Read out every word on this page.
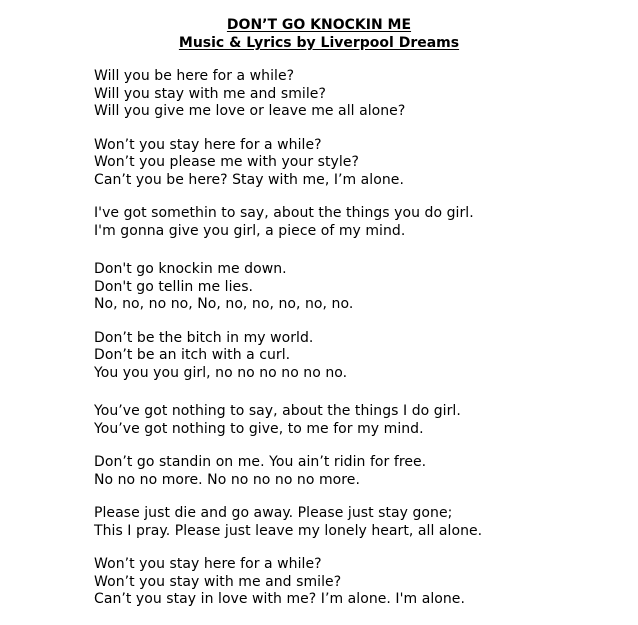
DON’T GO KNOCKIN ME
Music & Lyrics by Liverpool Dreams
Will you be here for a while?
Will you stay with me and smile?
Will you give me love or leave me all alone?
Won’t you stay here for a while?
Won’t you please me with your style?
Can’t you be here? Stay with me, I’m alone.
I've got somethin to say, about the things you do girl.
I'm gonna give you girl, a piece of my mind.
Don't go knockin me down.
Don't go tellin me lies.
No, no, no no, No, no, no, no, no, no.
Don’t be the bitch in my world.
Don’t be an itch with a curl.
You you you girl, no no no no no no.
You’ve got nothing to say, about the things I do girl.
You’ve got nothing to give, to me for my mind.
Don’t go standin on me. You ain’t ridin for free.
No no no more. No no no no no more.
Please just die and go away. Please just stay gone;
This I pray. Please just leave my lonely heart, all alone.
Won’t you stay here for a while?
Won’t you stay with me and smile?
Can’t you stay in love with me? I’m alone. I'm alone.
